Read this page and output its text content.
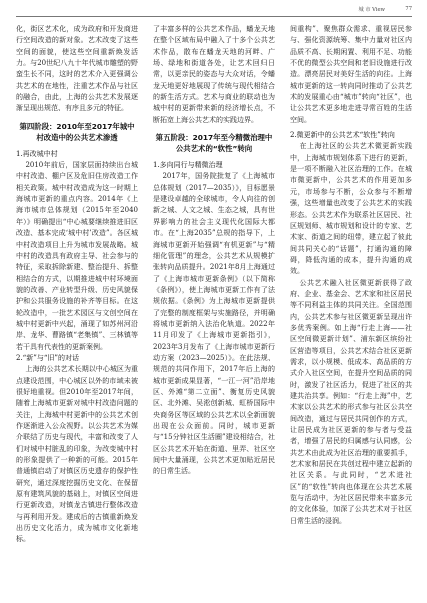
城 市 View	77

化，街区艺术化，成为政府和开发商进行空间改造的新对象。艺术改变了这些空间的面貌，使这些空间重新焕发活力。与20世纪八九十年代城市雕塑的野蛮生长不同，这时的艺术介入更强调公共艺术的在地性，注重艺术作品与社区的融合，由此，上海的公共艺术发展逐渐呈现出规范、有序且多元的特征。

第四阶段：2010年至2017年城中村改造中的公共艺术渗透

1.再改城中村

2010年前后，国家层面持续出台城中村改造、棚户区及危旧住房改造工作相关政策。城中村改造成为这一时期上海城市更新的重点内容。2014年《上海市城市总体规划（2015年至2040年）》明确提出“中心城要继续推进旧区改造、基本完成‘城中村’改造”。各区城中村改造项目上升为城市发展战略。城中村的改造具有政府主导、社会参与的特征，采取拆除新建、整治提升、拆整相结合的方式，以期推进城中村环境面貌的改善、产业转型升级、历史风貌保护和公共服务设施的补齐等目标。在这轮改造中，一批艺术园区与文创空间在城中村更新中兴起，涌现了如苏州河沿岸、龙华、曹路镇“老集镇”、三林镇等若干具有代表性的更新案例。

2.“新”与“旧”的对话

上海的公共艺术长期以中心城区为重点建设范围，中心城区以外的市域未被很好地重视。但2010年至2017年间，随着上海城市更新对城中村改造问题的关注，上海城中村更新中的公共艺术创作逐渐进入公众视野。以公共艺术为媒介联结了历史与现代，丰富和改变了人们对城中村脏乱的印象，为改变城中村的形象提供了一种新的可能。2015年普通镇启动了对镇区历史遗存的保护性研究，通过深度挖掘历史文化、在保留原有建筑风貌的基础上，对镇区空间进行更新改造，对镇龙古镇进行整体改造与再利用开发。建成后的古镇重新焕发出历史文化活力，成为城市文化新地标。

了丰富多样的公共艺术作品，蟠龙天地在整个区域布局中融入了十多个公共艺术作品，散布在蟠龙天地的河畔、广场、绿地和街道各处，让艺术回归日常，以更亲民的姿态与大众对话，令蟠龙天地更好地展现了传统与现代相结合的新生活方式。艺术与商业的联动也为城中村的更新带来新的经济增长点，不断拓宽上海公共艺术的实践边界。

第五阶段：2017年至今精微治理中公共艺术的“软性”转向

1.多向同行与精微治理

2017年，国务院批复了《上海城市总体规划（2017—2035）》，目标愿景是建设卓越的全球城市，令人向往的创新之城、人文之城、生态之城，具有世界影响力的社会主义现代化国际大都市。在“上海2035”总规的指导下，上海城市更新开始强调“有机更新”与“精细化管理”的理念，公共艺术从规模扩张转向品质提升。2021年8月上海通过了《上海市城市更新条例》（以下简称《条例》），使上海城市更新工作有了法规依据。《条例》为上海城市更新提供了完整的制度框架与实施路径，并明确将城市更新纳入法治化轨道。2022年11月印发了《上海城市更新指引》，2023年3月发布了《上海市城市更新行动方案（2023—2025）》。在此法规、规范的共同作用下，2017年后上海的城市更新成果显著，“一江一河”沿岸地区、外滩“第二立面”、衡复历史风貌区、北外滩、吴淞创新城、虹桥国际中央商务区等区域的公共艺术以全新面貌出现在公众面前。同时，城市更新与“15分钟社区生活圈”建设相结合，社区公共艺术开始在街道、里弄、社区空间中大量涌现，公共艺术更加贴近居民的日常生活。

间重构”、聚焦群众需求、重视居民参与、强化资源统筹、集中力量对社区内品质不高、长期闲置、利用不足、功能不优的微型公共空间和老旧设施进行改造。漂亮居民对美好生活的向往。上海城市更新的这一转向同时推动了公共艺术的发展重心由“城市”转向“社区”，也让公共艺术更多地走进寻常百姓的生活空间。

2.微更新中的公共艺术“软性”转向

在上海社区的公共艺术微更新实践中，上海城市规划体系下进行的更新，是一项不断融入社区治理的工作。在城市微更新中，公共艺术的作用更加多元，市场参与不断，公众参与不断增强，这些增量也改变了公共艺术的实践形态。公共艺术作为联系社区居民、社区规划师、城市规划和设计的专家、艺术家、街道之间的纽带，建立起了彼此间共同关心的“话题”，打通沟通的障碍，降低沟通的成本，提升沟通的成效。

公共艺术融入社区微更新获得了政府、企业、基金会、艺术家和社区居民等不同利益主体的共同关注。全国范围内，公共艺术参与社区微更新呈现出许多优秀案例。如上海“行走上海——社区空间微更新计划”、浦东新区缤纷社区营造等项目，公共艺术结合社区更新需求，以小规模、低成本、高品质的方式介入社区空间，在提升空间品质的同时，激发了社区活力，促进了社区的共建共治共享。例如：“行走上海”中，艺术家以公共艺术的形式参与社区公共空间改造，通过与居民共同创作的方式，让居民成为社区更新的参与者与受益者，增强了居民的归属感与认同感，公共艺术由此成为社区治理的重要抓手，艺术家和居民在共创过程中建立起新的社区关系。与此同时，“艺术进社区”的“软性”转向也体现在公共艺术展览与活动中，为社区居民带来丰富多元的文化体验，加深了公共艺术对于社区日常生活的浸润。
